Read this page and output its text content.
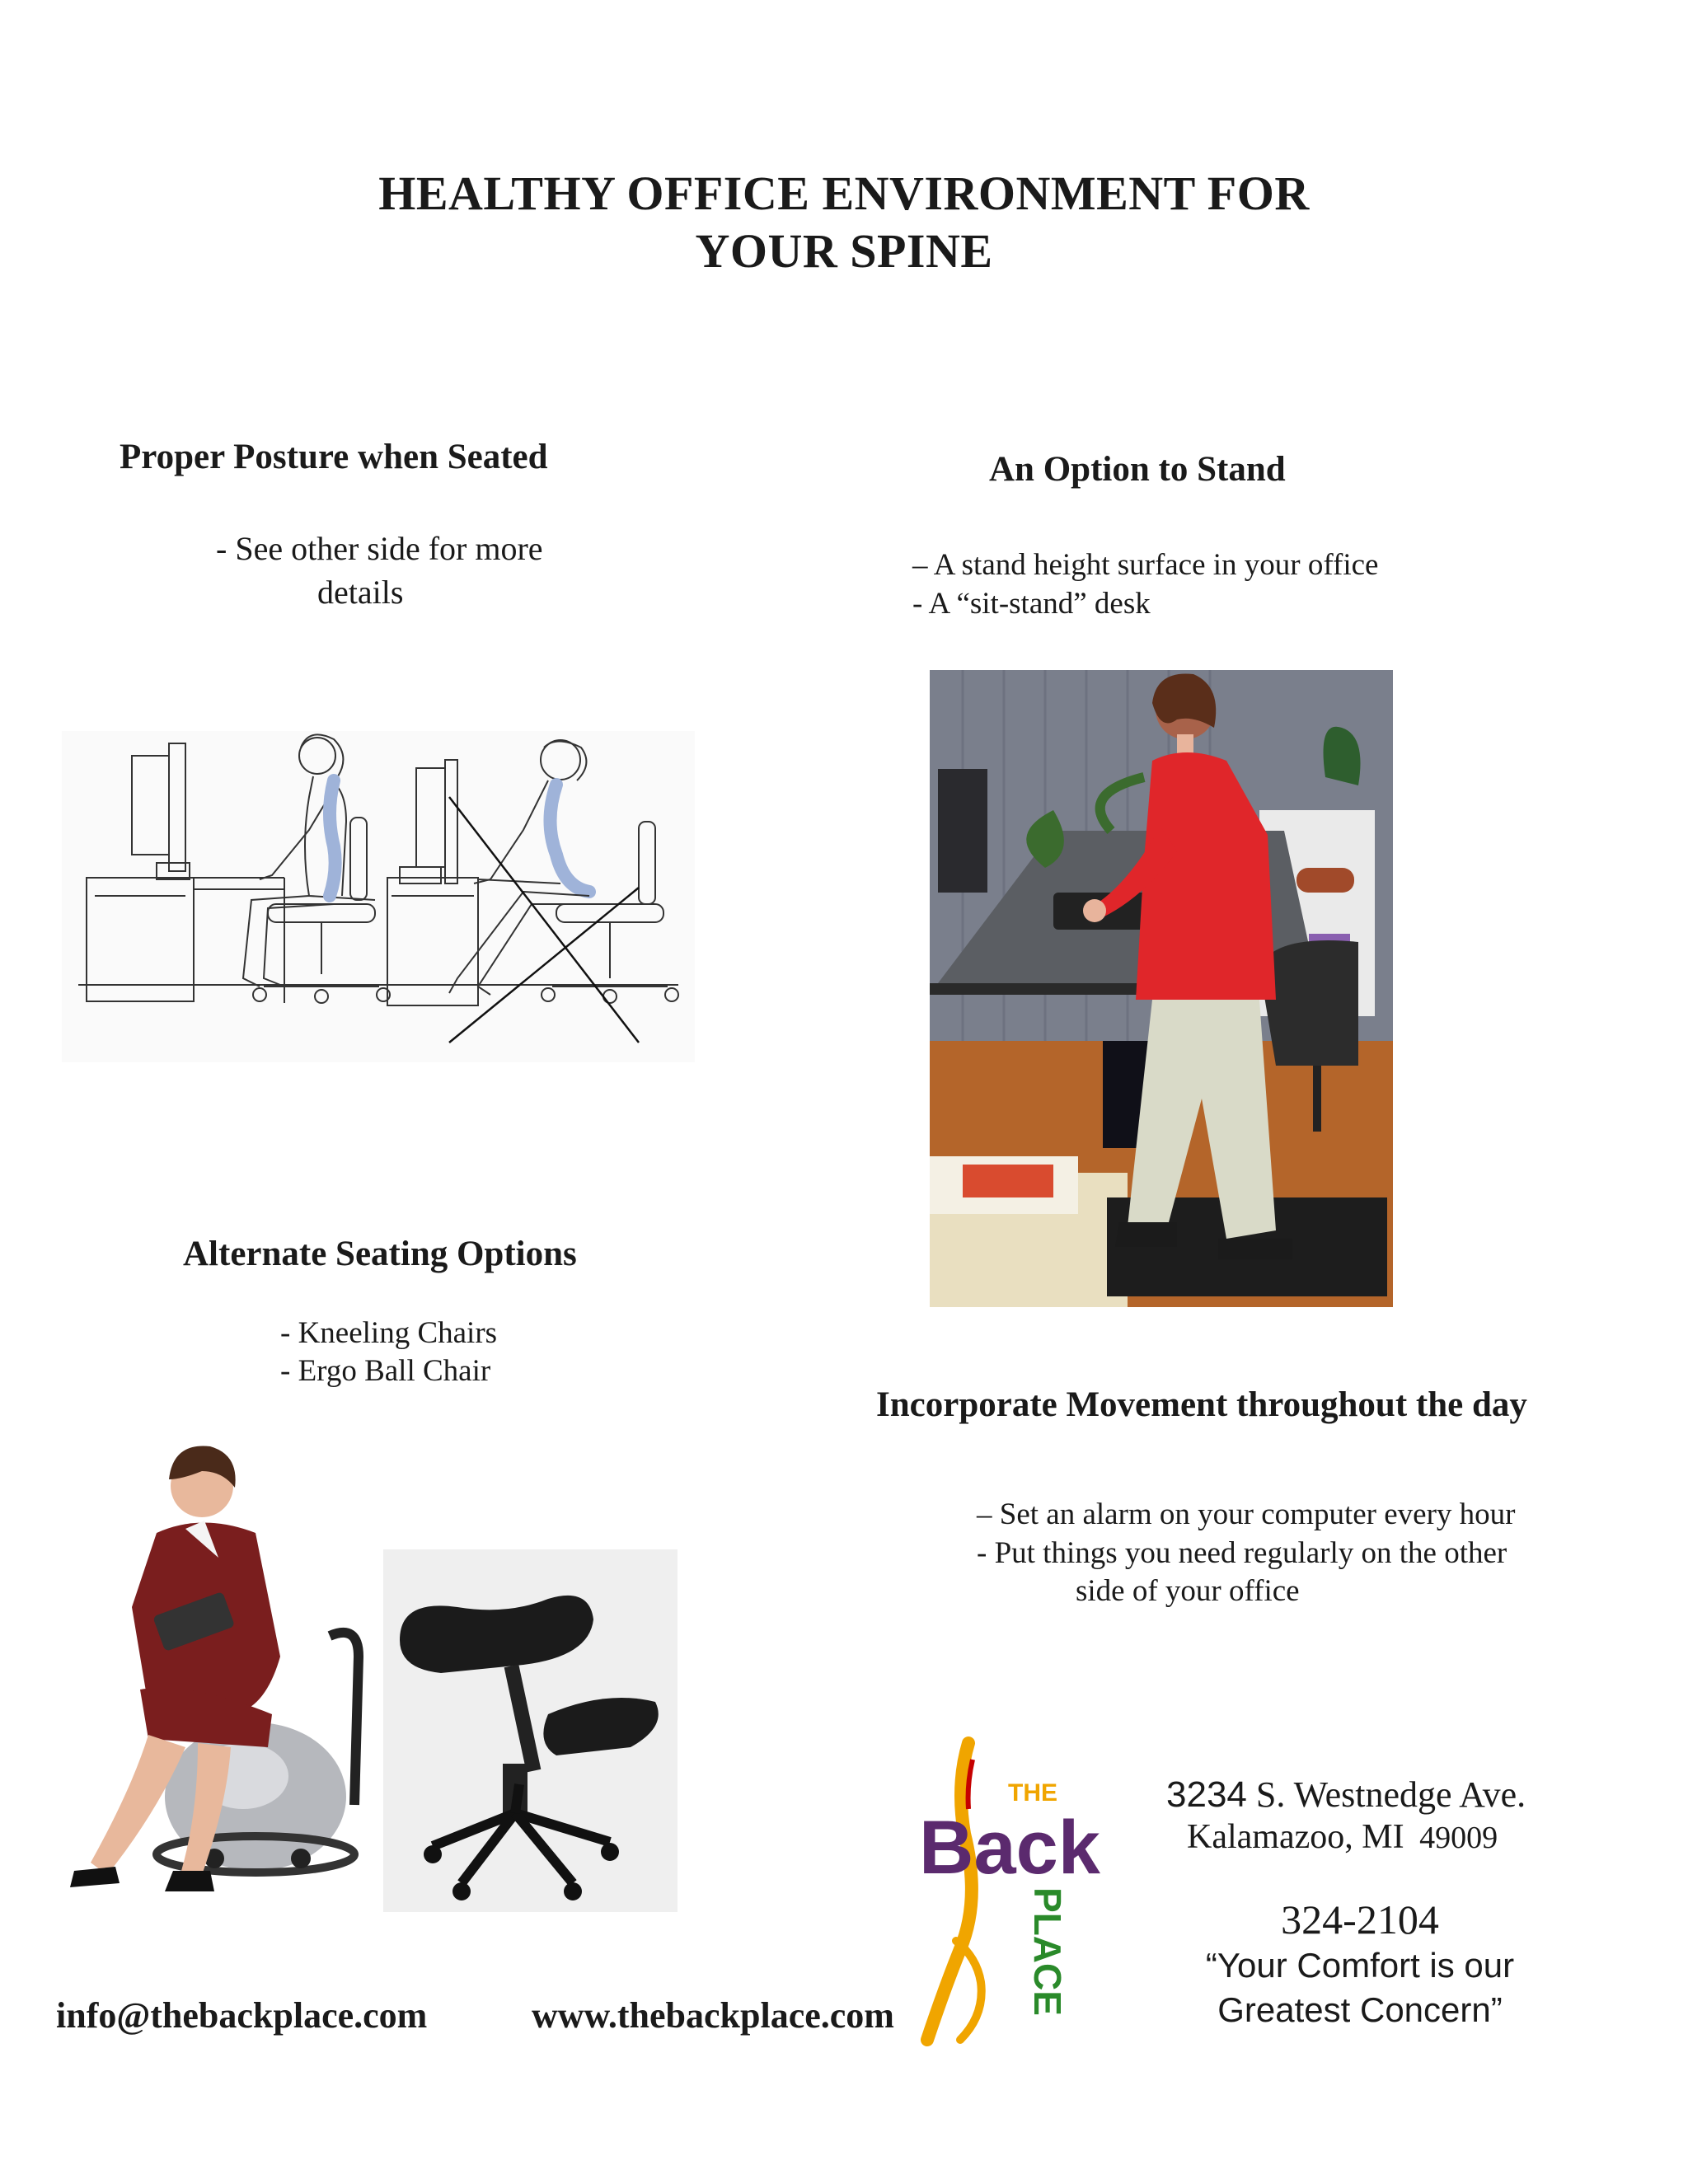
HEALTHY OFFICE ENVIRONMENT FOR
YOUR SPINE
Proper Posture when Seated
- See other side for more
details
An Option to Stand
– A stand height surface in your office
- A “sit-stand” desk
Alternate Seating Options
- Kneeling Chairs
- Ergo Ball Chair
Incorporate Movement throughout the day
– Set an alarm on your computer every hour
- Put things you need regularly on the other
side of your office
THE
Back
PLACE
3234 S. Westnedge Ave.
Kalamazoo, MI 49009
324-2104
“Your Comfort is our
Greatest Concern”
info@thebackplace.com	www.thebackplace.com
